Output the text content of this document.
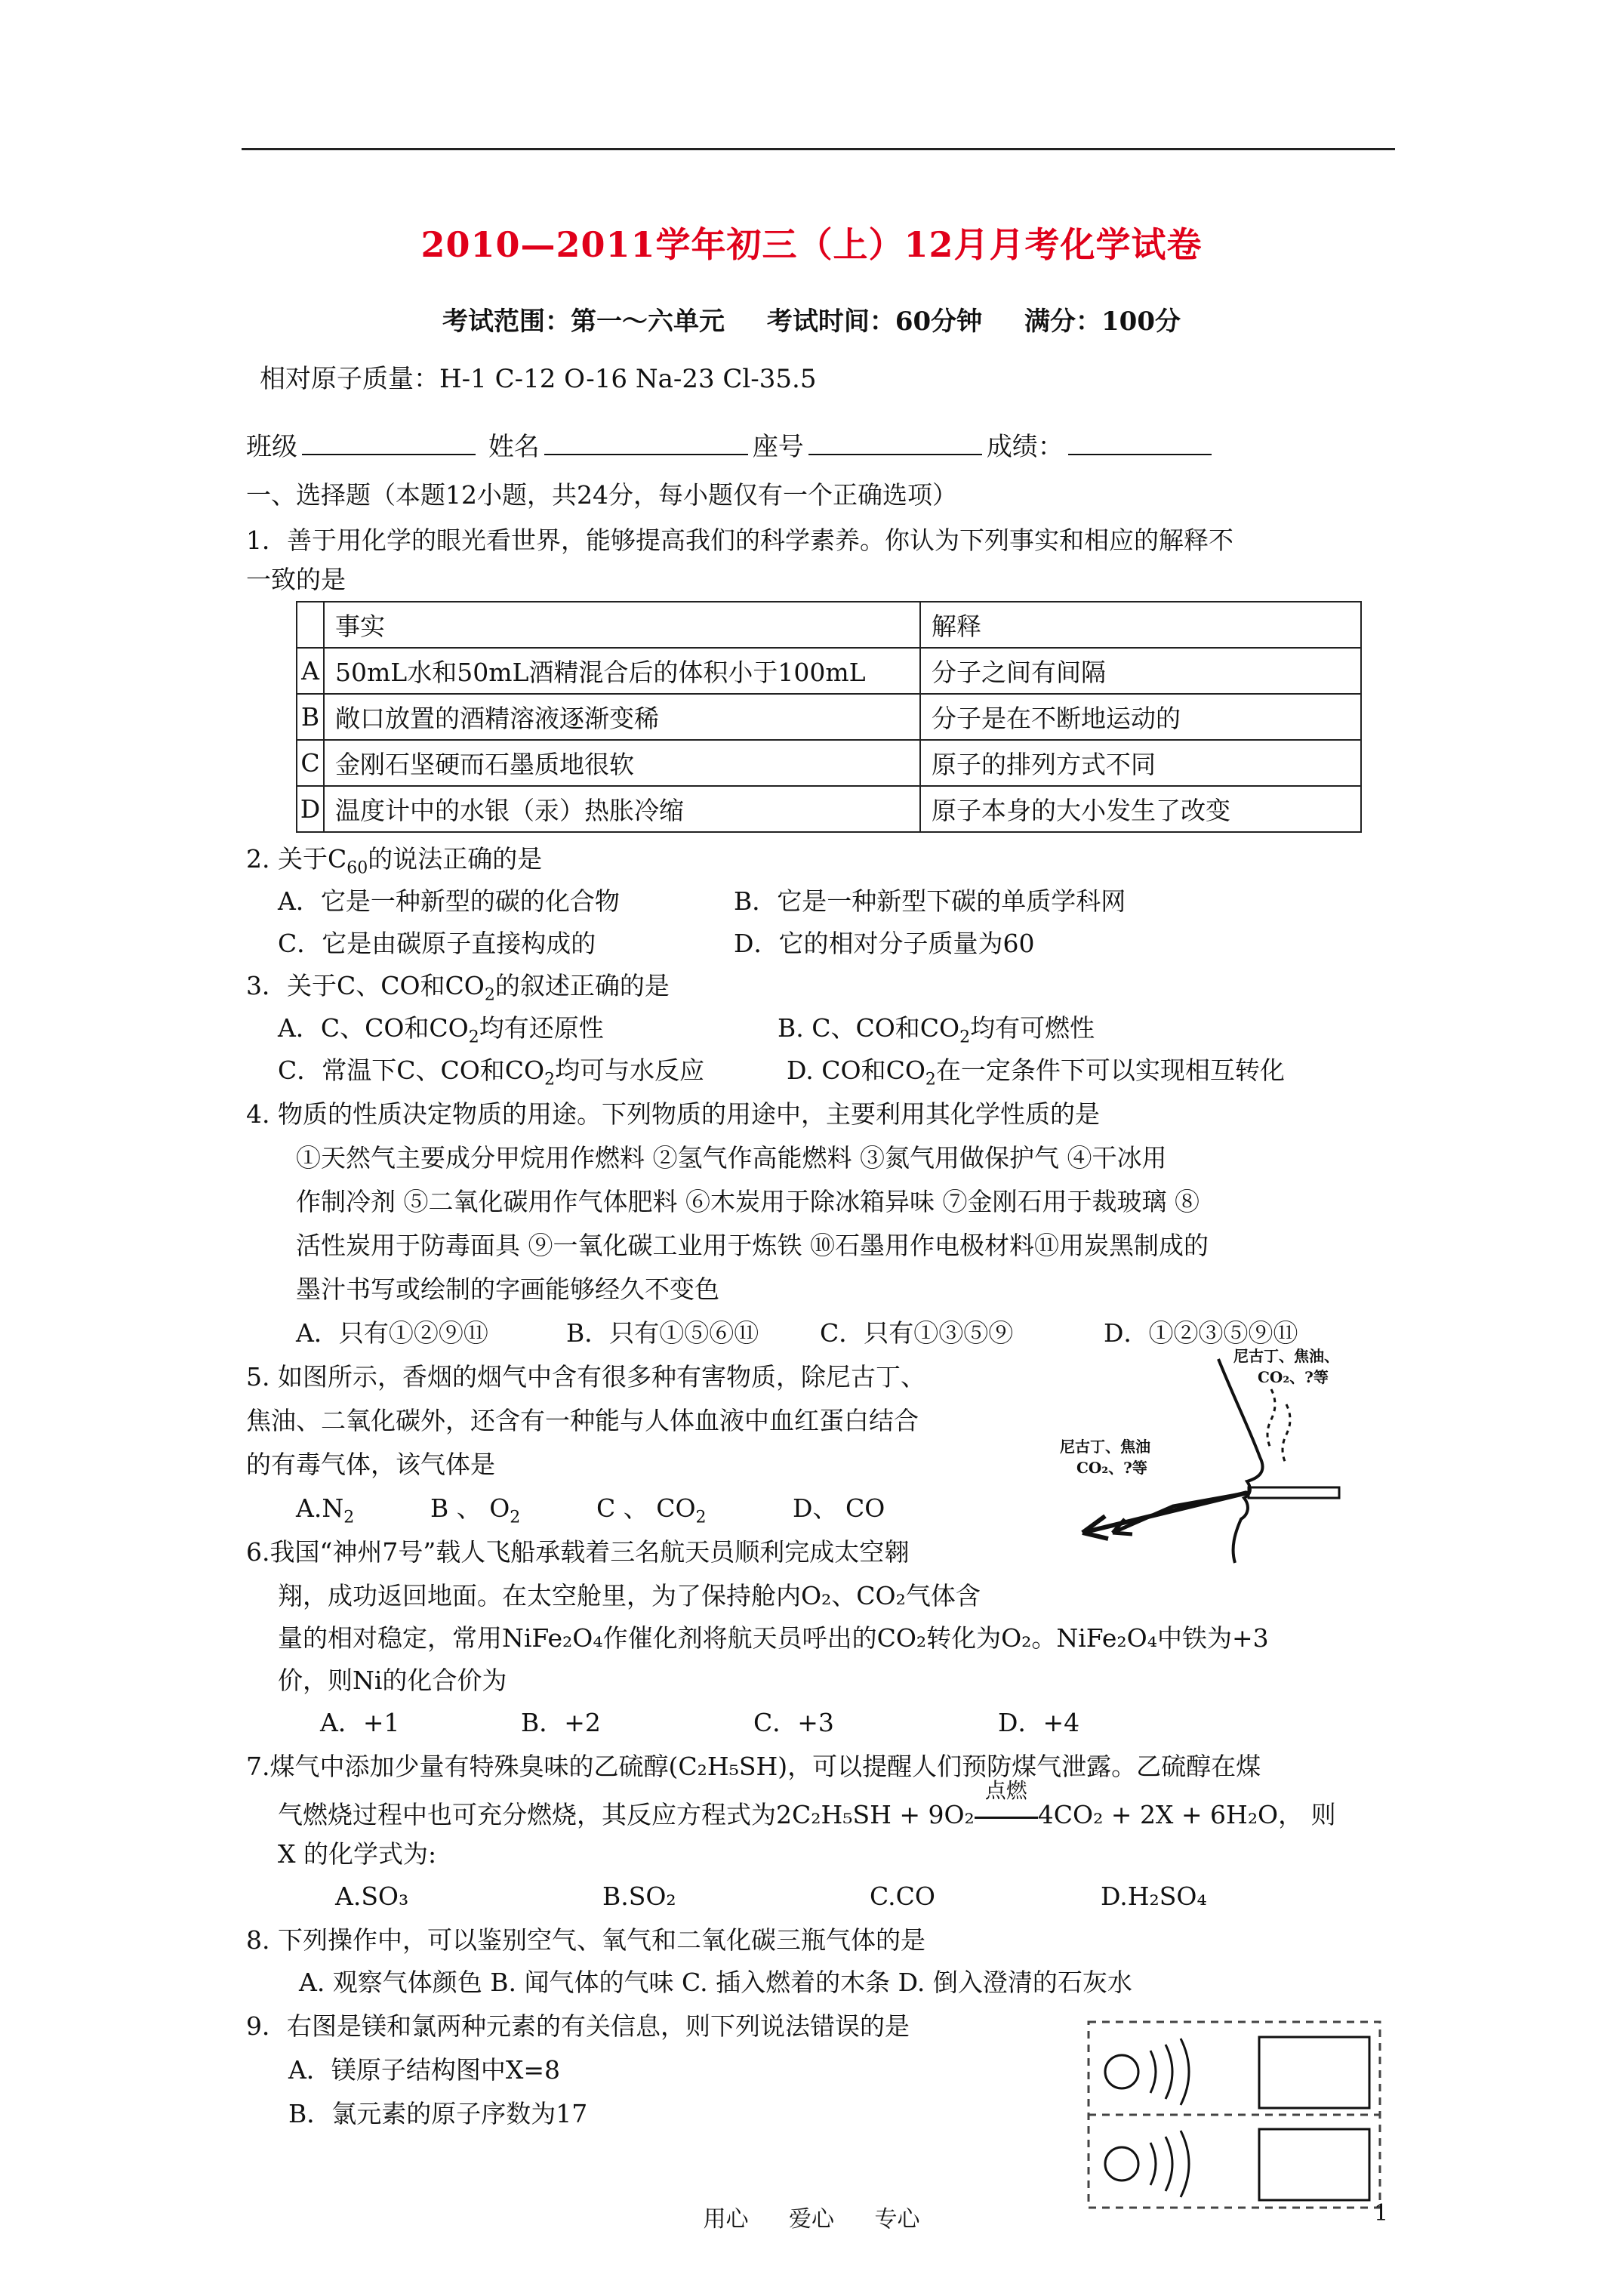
2010—2011学年初三（上）12月月考化学试卷
考试范围：第一～六单元 考试时间：60分钟 满分：100分
相对原子质量：H-1 C-12 O-16 Na-23 Cl-35.5
班级	姓名	座号	成绩：
一、选择题（本题12小题，共24分，每小题仅有一个正确选项）
1．善于用化学的眼光看世界，能够提高我们的科学素养。你认为下列事实和相应的解释不
一致的是
	事实	解释
A	50mL水和50mL酒精混合后的体积小于100mL	分子之间有间隔
B	敞口放置的酒精溶液逐渐变稀	分子是在不断地运动的
C	金刚石坚硬而石墨质地很软	原子的排列方式不同
D	温度计中的水银（汞）热胀冷缩	原子本身的大小发生了改变
2. 关于$C_{60}$的说法正确的是
A．它是一种新型的碳的化合物	B．它是一种新型下碳的单质学科网
C．它是由碳原子直接构成的	D．它的相对分子质量为60
3．关于C、CO和$CO_2$的叙述正确的是
A．C、CO和$CO_2$均有还原性	B. C、CO和$CO_2$均有可燃性
C．常温下C、CO和$CO_2$均可与水反应	D. CO和$CO_2$在一定条件下可以实现相互转化
4. 物质的性质决定物质的用途。下列物质的用途中，主要利用其化学性质的是
①天然气主要成分甲烷用作燃料 ②氢气作高能燃料 ③氮气用做保护气 ④干冰用
作制冷剂 ⑤二氧化碳用作气体肥料 ⑥木炭用于除冰箱异味 ⑦金刚石用于裁玻璃 ⑧
活性炭用于防毒面具 ⑨一氧化碳工业用于炼铁 ⑩石墨用作电极材料⑪用炭黑制成的
墨汁书写或绘制的字画能够经久不变色
A．只有①②⑨⑪	B．只有①⑤⑥⑪ C．只有①③⑤⑨	D．①②③⑤⑨⑪
5. 如图所示，香烟的烟气中含有很多种有害物质，除尼古丁、
焦油、二氧化碳外，还含有一种能与人体血液中血红蛋白结合
的有毒气体，该气体是
$A.N_2$	B 、 $O_2$	C 、 $CO_2$	D、 CO
尼古丁、焦油、
CO₂、?等
尼古丁、焦油
CO₂、?等
6.我国“神州7号”载人飞船承载着三名航天员顺利完成太空翱
翔，成功返回地面。在太空舱里，为了保持舱内O₂、CO₂气体含
量的相对稳定，常用NiFe₂O₄作催化剂将航天员呼出的CO₂转化为O₂。NiFe₂O₄中铁为+3
价，则Ni的化合价为
A．+1	B．+2	C．+3	D．+4
7.煤气中添加少量有特殊臭味的乙硫醇(C₂H₅SH)，可以提醒人们预防煤气泄露。乙硫醇在煤
气燃烧过程中也可充分燃烧，其反应方程式为2C₂H₅SH + 9O₂
点燃
4CO₂ + 2X + 6H₂O， 则
X 的化学式为:
A.SO₃	B.SO₂	C.CO	D.H₂SO₄
8. 下列操作中，可以鉴别空气、氧气和二氧化碳三瓶气体的是
A. 观察气体颜色 B. 闻气体的气味 C. 插入燃着的木条 D. 倒入澄清的石灰水
9．右图是镁和氯两种元素的有关信息，则下列说法错误的是
A．镁原子结构图中X=8
B．氯元素的原子序数为17
用心 爱心 专心	1
